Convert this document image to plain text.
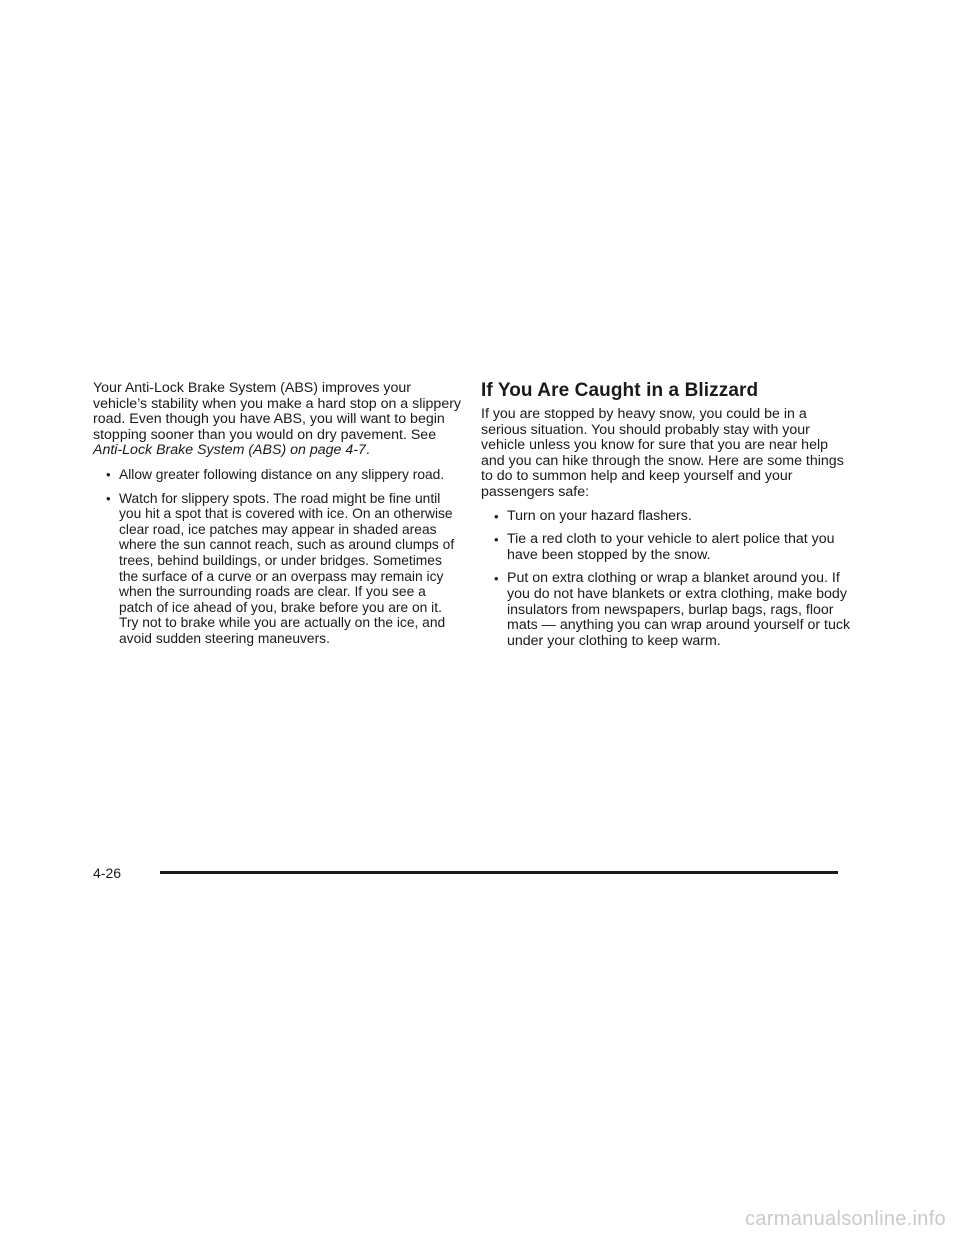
Your Anti-Lock Brake System (ABS) improves your vehicle’s stability when you make a hard stop on a slippery road. Even though you have ABS, you will want to begin stopping sooner than you would on dry pavement. See Anti-Lock Brake System (ABS) on page 4-7.

• Allow greater following distance on any slippery road.
• Watch for slippery spots. The road might be fine until you hit a spot that is covered with ice. On an otherwise clear road, ice patches may appear in shaded areas where the sun cannot reach, such as around clumps of trees, behind buildings, or under bridges. Sometimes the surface of a curve or an overpass may remain icy when the surrounding roads are clear. If you see a patch of ice ahead of you, brake before you are on it. Try not to brake while you are actually on the ice, and avoid sudden steering maneuvers.
If You Are Caught in a Blizzard

If you are stopped by heavy snow, you could be in a serious situation. You should probably stay with your vehicle unless you know for sure that you are near help and you can hike through the snow. Here are some things to do to summon help and keep yourself and your passengers safe:

• Turn on your hazard flashers.
• Tie a red cloth to your vehicle to alert police that you have been stopped by the snow.
• Put on extra clothing or wrap a blanket around you. If you do not have blankets or extra clothing, make body insulators from newspapers, burlap bags, rags, floor mats — anything you can wrap around yourself or tuck under your clothing to keep warm.
4-26
carmanualsonline.info
